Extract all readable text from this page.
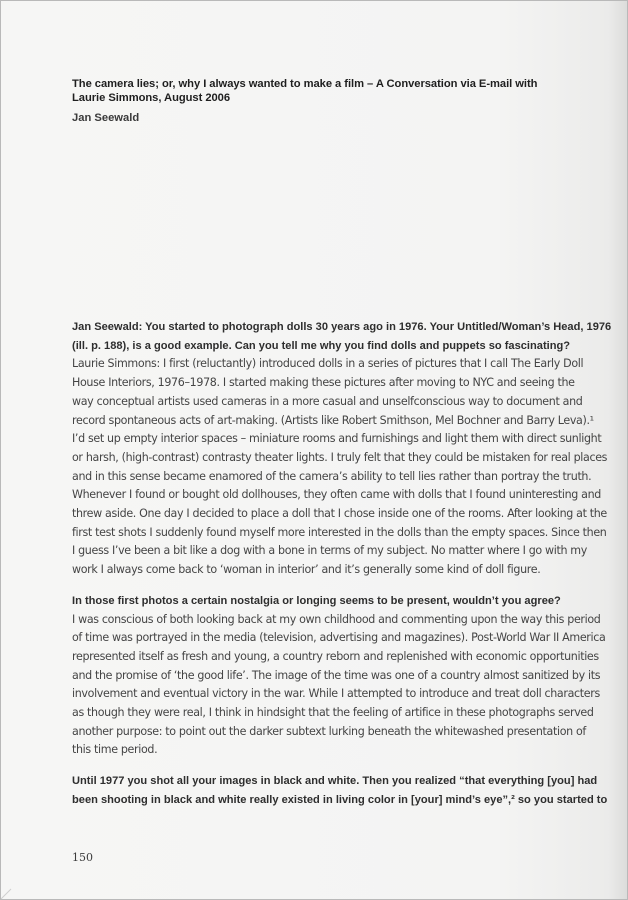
The camera lies; or, why I always wanted to make a film – A Conversation via E-mail with Laurie Simmons, August 2006

Jan Seewald

Jan Seewald: You started to photograph dolls 30 years ago in 1976. Your Untitled/Woman’s Head, 1976

(ill. p. 188), is a good example. Can you tell me why you find dolls and puppets so fascinating?

Laurie Simmons: I first (reluctantly) introduced dolls in a series of pictures that I call The Early Doll

House Interiors, 1976–1978. I started making these pictures after moving to NYC and seeing the

way conceptual artists used cameras in a more casual and unselfconscious way to document and

record spontaneous acts of art-making. (Artists like Robert Smithson, Mel Bochner and Barry Leva).¹

I’d set up empty interior spaces – miniature rooms and furnishings and light them with direct sunlight

or harsh, (high-contrast) contrasty theater lights. I truly felt that they could be mistaken for real places

and in this sense became enamored of the camera’s ability to tell lies rather than portray the truth.

Whenever I found or bought old dollhouses, they often came with dolls that I found uninteresting and

threw aside. One day I decided to place a doll that I chose inside one of the rooms. After looking at the

first test shots I suddenly found myself more interested in the dolls than the empty spaces. Since then

I guess I’ve been a bit like a dog with a bone in terms of my subject. No matter where I go with my

work I always come back to ‘woman in interior’ and it’s generally some kind of doll figure.

In those first photos a certain nostalgia or longing seems to be present, wouldn’t you agree?

I was conscious of both looking back at my own childhood and commenting upon the way this period

of time was portrayed in the media (television, advertising and magazines). Post-World War II America

represented itself as fresh and young, a country reborn and replenished with economic opportunities

and the promise of ‘the good life’. The image of the time was one of a country almost sanitized by its

involvement and eventual victory in the war. While I attempted to introduce and treat doll characters

as though they were real, I think in hindsight that the feeling of artifice in these photographs served

another purpose: to point out the darker subtext lurking beneath the whitewashed presentation of

this time period.

Until 1977 you shot all your images in black and white. Then you realized “that everything [you] had

been shooting in black and white really existed in living color in [your] mind’s eye”,² so you started to

150
